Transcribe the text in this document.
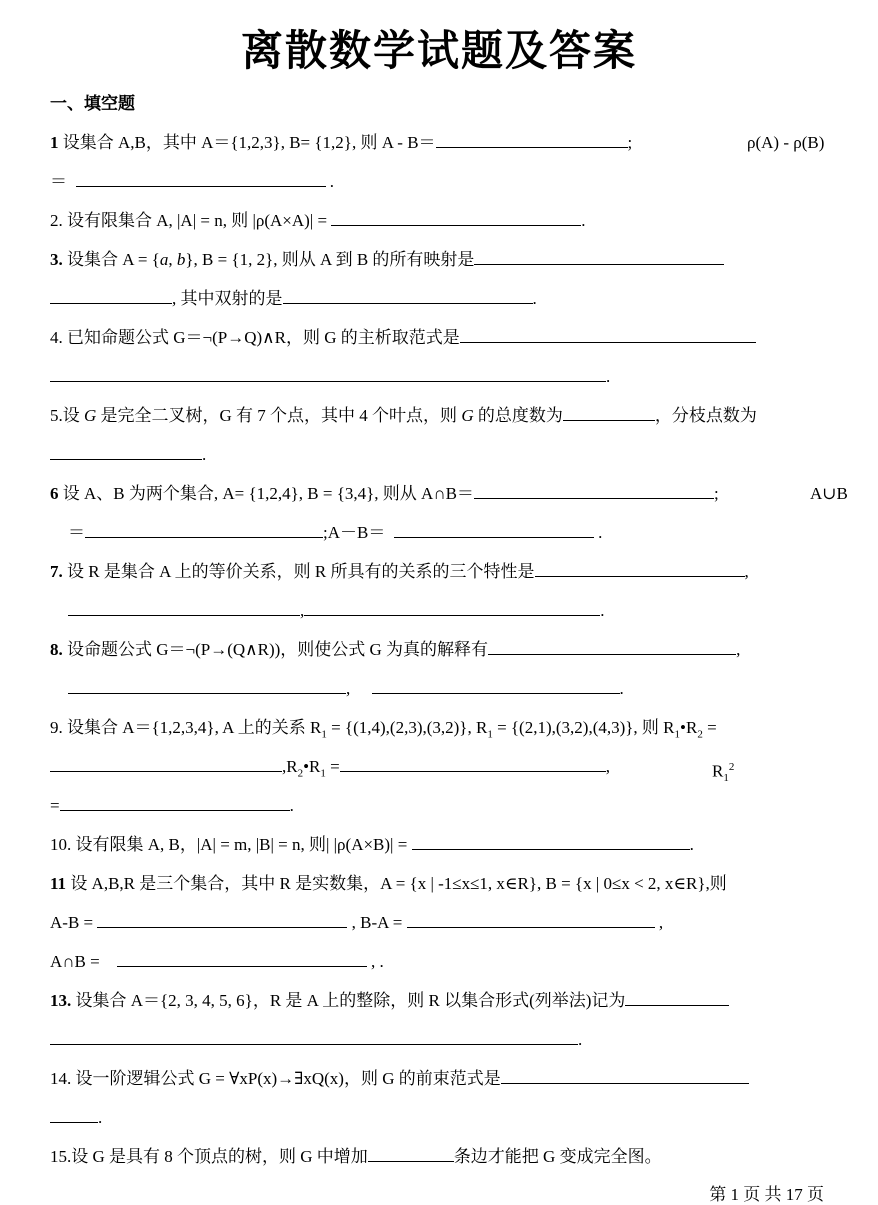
离散数学试题及答案
一、填空题
1 设集合 A,B，其中 A＝{1,2,3}, B= {1,2}, 则 A - B＝	;	ρ(A) - ρ(B)
＝	.
2. 设有限集合 A, |A| = n, 则 |ρ(A×A)| =	.
3. 设集合 A = {a, b}, B = {1, 2}, 则从 A 到 B 的所有映射是
, 其中双射的是	.
4. 已知命题公式 G＝¬(P→Q)∧R，则 G 的主析取范式是
.
5.设 G 是完全二叉树，G 有 7 个点，其中 4 个叶点，则 G 的总度数为	，分枝点数为
.
6 设 A、B 为两个集合, A= {1,2,4}, B = {3,4}, 则从 A∩B＝	;	A∪B
＝	;A－B＝	.
7. 设 R 是集合 A 上的等价关系，则 R 所具有的关系的三个特性是	,
,	.
8. 设命题公式 G＝¬(P→(Q∧R))，则使公式 G 为真的解释有	,
,	.
9. 设集合 A＝{1,2,3,4}, A 上的关系 $R_1 = \{(1,4),(2,3),(3,2)\}$, $R_1 = \{(2,1),(3,2),(4,3)\}$, 则 $R_1•R_2$ =
$,R_2•R_1$ =	,	$R_1^2$
=	.
10. 设有限集 A, B，|A| = m, |B| = n, 则| |ρ(A×B)| =	.
11 设 A,B,R 是三个集合，其中 R 是实数集，A = {x | -1≤x≤1, x∈R}, B = {x | 0≤x < 2, x∈R},则
A-B =	, B-A =	,
A∩B =	, .
13. 设集合 A＝{2, 3, 4, 5, 6}，R 是 A 上的整除，则 R 以集合形式(列举法)记为
.
14. 设一阶逻辑公式 G = ∀xP(x)→∃xQ(x)，则 G 的前束范式是
.
15.设 G 是具有 8 个顶点的树，则 G 中增加	条边才能把 G 变成完全图。
第 1 页 共 17 页
